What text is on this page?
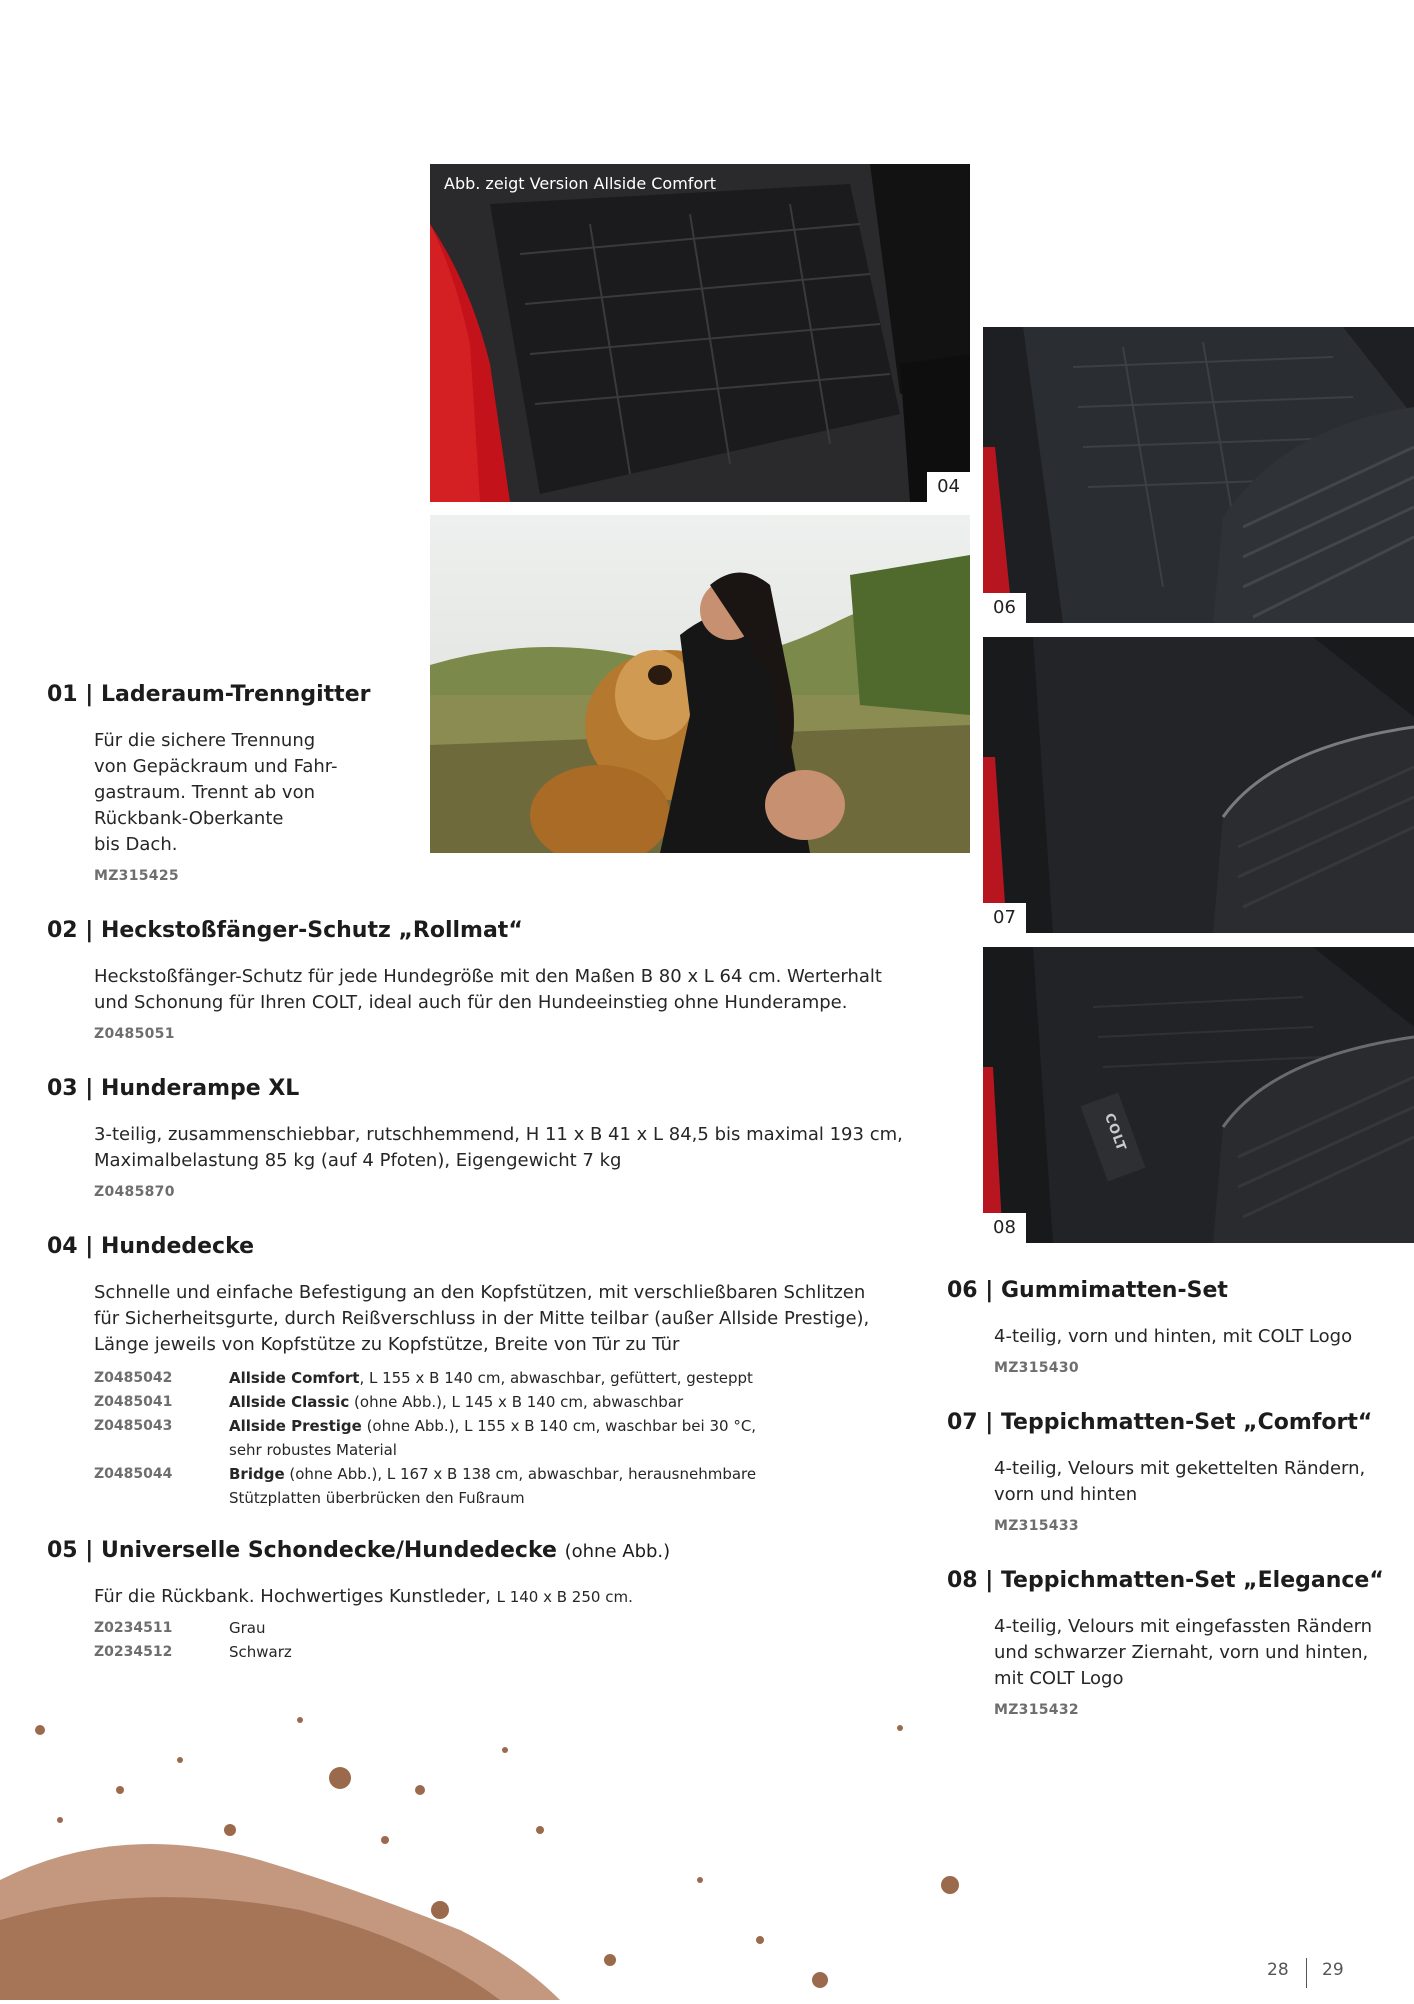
Abb. zeigt Version Allside Comfort
04
06
07
COLT
08
01 | Laderaum-Trenngitter

Für die sichere Trennung

von Gepäckraum und Fahr-

gastraum. Trennt ab von

Rückbank-Oberkante

bis Dach.

MZ315425
02 | Heckstoßfänger-Schutz „Rollmat“

Heckstoßfänger-Schutz für jede Hundegröße mit den Maßen B 80 x L 64 cm. Werterhalt

und Schonung für Ihren COLT, ideal auch für den Hundeeinstieg ohne Hunderampe.

Z0485051
03 | Hunderampe XL

3-teilig, zusammenschiebbar, rutschhemmend, H 11 x B 41 x L 84,5 bis maximal 193 cm,

Maximalbelastung 85 kg (auf 4 Pfoten), Eigengewicht 7 kg

Z0485870
04 | Hundedecke

Schnelle und einfache Befestigung an den Kopfstützen, mit verschließbaren Schlitzen

für Sicherheitsgurte, durch Reißverschluss in der Mitte teilbar (außer Allside Prestige),

Länge jeweils von Kopfstütze zu Kopfstütze, Breite von Tür zu Tür

Z0485042	Allside Comfort, L 155 x B 140 cm, abwaschbar, gefüttert, gesteppt
Z0485041	Allside Classic (ohne Abb.), L 145 x B 140 cm, abwaschbar
Z0485043	Allside Prestige (ohne Abb.), L 155 x B 140 cm, waschbar bei 30 °C,
sehr robustes Material
Z0485044	Bridge (ohne Abb.), L 167 x B 138 cm, abwaschbar, herausnehmbare
Stützplatten überbrücken den Fußraum
05 | Universelle Schondecke/Hundedecke (ohne Abb.)

Für die Rückbank. Hochwertiges Kunstleder, L 140 x B 250 cm.

Z0234511	Grau
Z0234512	Schwarz
06 | Gummimatten-Set

4-teilig, vorn und hinten, mit COLT Logo

MZ315430
07 | Teppichmatten-Set „Comfort“

4-teilig, Velours mit gekettelten Rändern,

vorn und hinten

MZ315433
08 | Teppichmatten-Set „Elegance“

4-teilig, Velours mit eingefassten Rändern

und schwarzer Ziernaht, vorn und hinten,

mit COLT Logo

MZ315432
28 29
